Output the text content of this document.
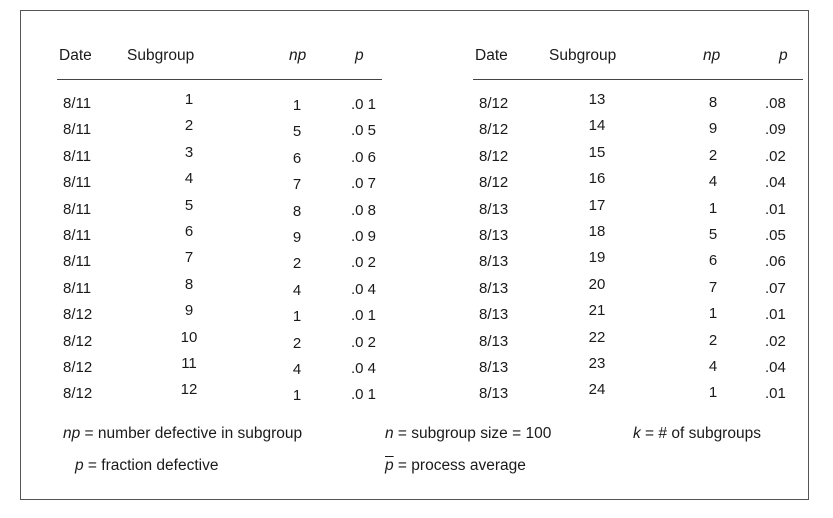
Date Subgroup	np	p
8/11	1	1	.0 1
8/11	2	5	.0 5
8/11	3	6	.0 6
8/11	4	7	.0 7
8/11	5	8	.0 8
8/11	6	9	.0 9
8/11	7	2	.0 2
8/11	8	4	.0 4
8/12	9	1	.0 1
8/12	10	2	.0 2
8/12	11	4	.0 4
8/12	12	1	.0 1
Date	Subgroup	np	p
8/12	13	8	.08
8/12	14	9	.09
8/12	15	2	.02
8/12	16	4	.04
8/13	17	1	.01
8/13	18	5	.05
8/13	19	6	.06
8/13	20	7	.07
8/13	21	1	.01
8/13	22	2	.02
8/13	23	4	.04
8/13	24	1	.01
np = number defective in subgroup	n = subgroup size = 100	k = # of subgroups
p = fraction defective	$\overline{p}$ = process average
